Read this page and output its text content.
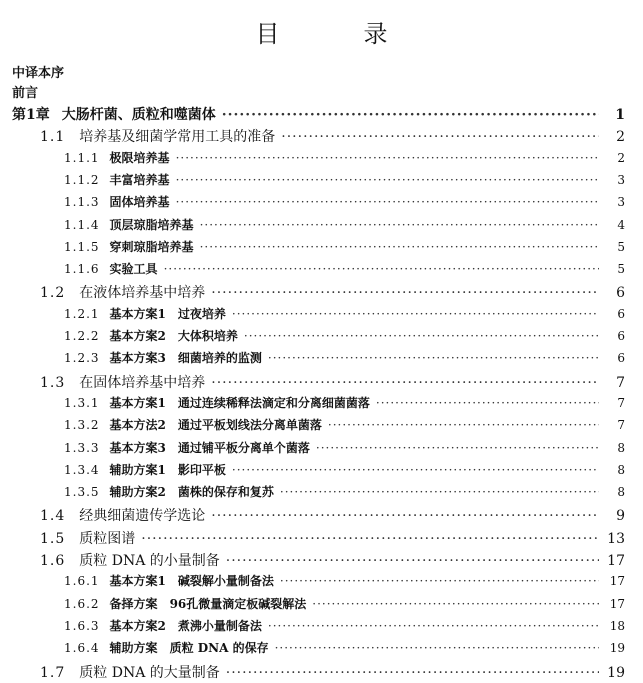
目　录
中译本序
前言
第1章 大肠杆菌、质粒和噬菌体 ·····	1
1.1 培养基及细菌学常用工具的准备 ·····	2
1.1.1 极限培养基 ·····	2
1.1.2 丰富培养基 ·····	3
1.1.3 固体培养基 ·····	3
1.1.4 顶层琼脂培养基 ·····	4
1.1.5 穿刺琼脂培养基 ·····	5
1.1.6 实验工具 ·····	5
1.2 在液体培养基中培养 ·····	6
1.2.1 基本方案1 过夜培养 ·····	6
1.2.2 基本方案2 大体积培养 ·····	6
1.2.3 基本方案3 细菌培养的监测 ·····	6
1.3 在固体培养基中培养 ·····	7
1.3.1 基本方案1 通过连续稀释法滴定和分离细菌菌落 ·····	7
1.3.2 基本方法2 通过平板划线法分离单菌落 ·····	7
1.3.3 基本方案3 通过铺平板分离单个菌落 ·····	8
1.3.4 辅助方案1 影印平板 ·····	8
1.3.5 辅助方案2 菌株的保存和复苏 ·····	8
1.4 经典细菌遗传学选论 ·····	9
1.5 质粒图谱 ·····	13
1.6 质粒 DNA 的小量制备 ·····	17
1.6.1 基本方案1 碱裂解小量制备法 ·····	17
1.6.2 备择方案 96孔微量滴定板碱裂解法 ·····	17
1.6.3 基本方案2 煮沸小量制备法 ·····	18
1.6.4 辅助方案 质粒 DNA 的保存 ·····	19
1.7 质粒 DNA 的大量制备 ·····	19
